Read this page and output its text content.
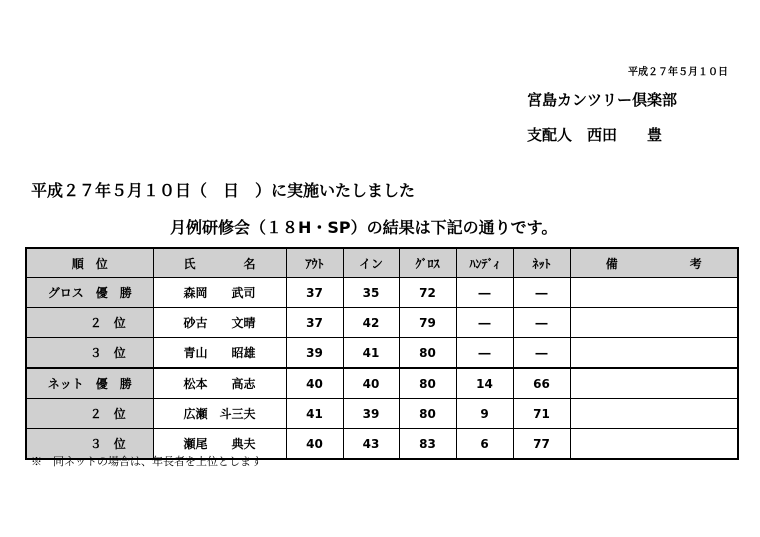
平成２７年５月１０日
宮島カンツリー倶楽部
支配人　西田　　豊
平成２７年５月１０日（　日　）に実施いたしました
月例研修会（１８H・SP）の結果は下記の通りです。
順　位	氏　　　　名	ｱｳﾄ	イン	ｸﾞﾛｽ	ﾊﾝﾃﾞｨ	ﾈｯﾄ	備　　　　　　考
グロス　優　勝	森岡　　武司	37	35	72	―	―	
　　　２　位	砂古　　文晴	37	42	79	―	―	
　　　３　位	青山　　昭雄	39	41	80	―	―	
ネット　優　勝	松本　　高志	40	40	80	14	66	
　　　２　位	広瀬　斗三夫	41	39	80	9	71	
　　　３　位	瀬尾　　典夫	40	43	83	6	77	
※　同ネットの場合は、年長者を上位とします
